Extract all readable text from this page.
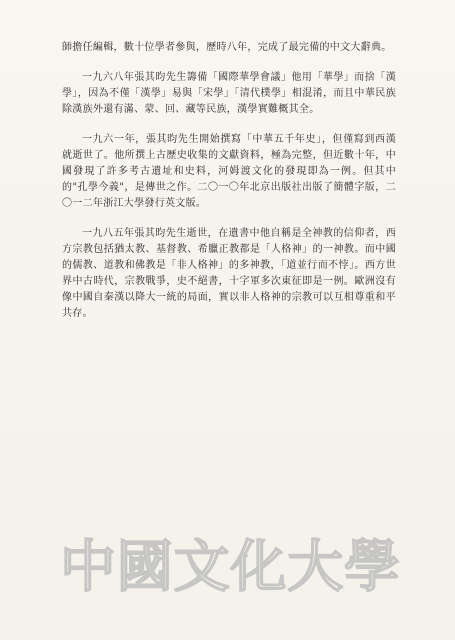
師擔任編輯，數十位學者參與，歷時八年，完成了最完備的中文大辭典。

一九六八年張其昀先生籌備「國際華學會議」他用「華學」而捨「漢學」，因為不僅「漢學」易與「宋學」「清代樸學」相混淆，而且中華民族除漢族外還有滿、蒙、回、藏等民族，漢學實難概其全。

一九六一年，張其昀先生開始撰寫「中華五千年史」，但僅寫到西漢就逝世了。他所撰上古歷史收集的文獻資料，極為完整，但近數十年，中國發現了許多考古遺址和史料，河姆渡文化的發現即為一例。但其中的"孔學今義"，是傳世之作。二〇一〇年北京出版社出版了簡體字版，二〇一二年浙江大學發行英文版。

一九八五年張其昀先生逝世，在遺書中他自稱是全神教的信仰者，西方宗教包括猶太教、基督教、希臘正教都是「人格神」的一神教。而中國的儒教、道教和佛教是「非人格神」的多神教，「道並行而不悖」。西方世界中古時代，宗教戰爭，史不絕書，十字軍多次東征即是一例。歐洲沒有像中國自秦漢以降大一統的局面，實以非人格神的宗教可以互相尊重和平共存。

中 國 文 化 大 學
